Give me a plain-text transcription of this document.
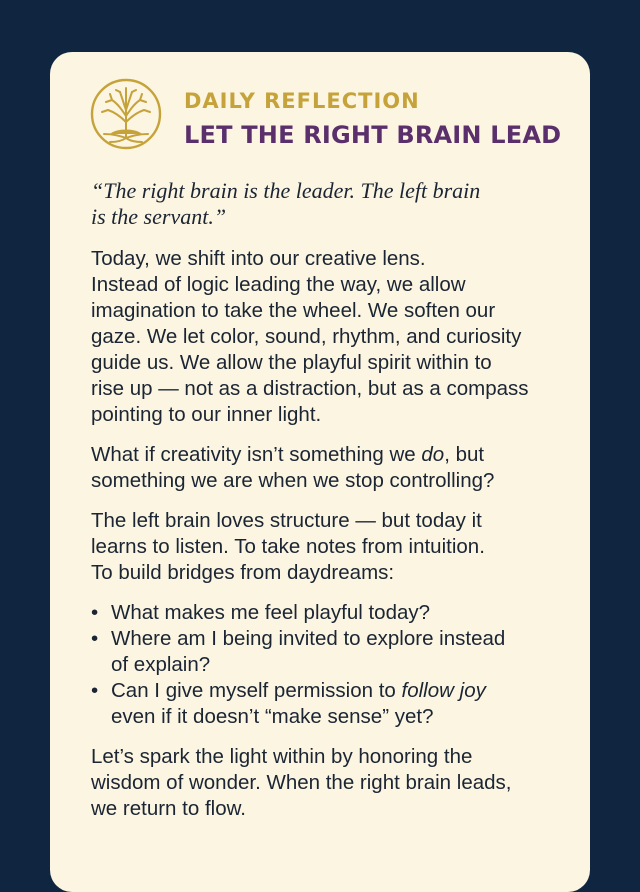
DAILY REFLECTION
LET THE RIGHT BRAIN LEAD

“The right brain is the leader. The left brain
is the servant.”

Today, we shift into our creative lens.
Instead of logic leading the way, we allow
imagination to take the wheel. We soften our
gaze. We let color, sound, rhythm, and curiosity
guide us. We allow the playful spirit within to
rise up — not as a distraction, but as a compass
pointing to our inner light.

What if creativity isn’t something we do, but
something we are when we stop controlling?

The left brain loves structure — but today it
learns to listen. To take notes from intuition.
To build bridges from daydreams:

• What makes me feel playful today?
• Where am I being invited to explore instead
of explain?
• Can I give myself permission to follow joy
even if it doesn’t “make sense” yet?

Let’s spark the light within by honoring the
wisdom of wonder. When the right brain leads,
we return to flow.
